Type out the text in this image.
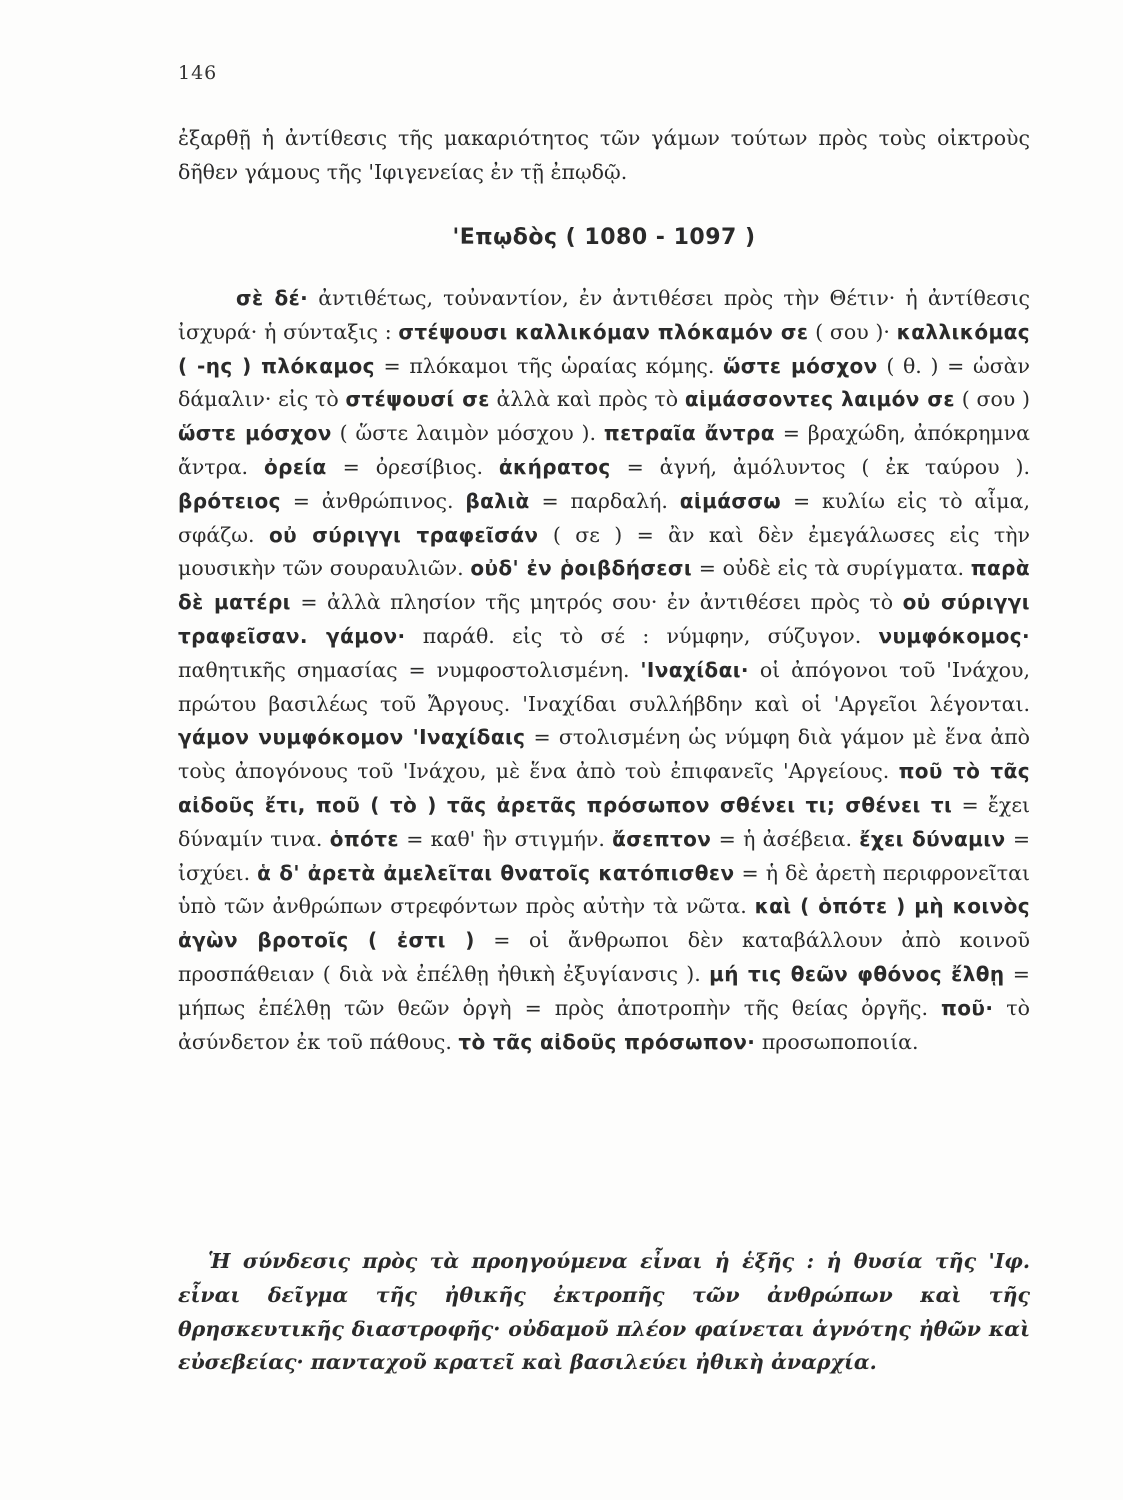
146
ἐξαρθῇ ἡ ἀντίθεσις τῆς μακαριότητος τῶν γάμων τούτων πρὸς τοὺς οἰκτροὺς δῆθεν γάμους τῆς 'Ιφιγενείας ἐν τῇ ἐπῳδῷ.
'Επῳδὸς ( 1080 - 1097 )
σὲ δέ· ἀντιθέτως, τοὐναντίον, ἐν ἀντιθέσει πρὸς τὴν Θέτιν· ἡ ἀντίθεσις ἰσχυρά· ἡ σύνταξις : στέψουσι καλλικόμαν πλόκαμόν σε ( σου )· καλλικόμας ( -ης ) πλόκαμος = πλόκαμοι τῆς ὡραίας κόμης. ὥστε μόσχον ( θ. ) = ὡσὰν δάμαλιν· εἰς τὸ στέψουσί σε ἀλλὰ καὶ πρὸς τὸ αἱμάσσοντες λαιμόν σε ( σου ) ὥστε μόσχον ( ὥστε λαιμὸν μόσχου ). πετραῖα ἄντρα = βραχώδη, ἀπόκρημνα ἄντρα. ὀρεία = ὀρεσίβιος. ἀκήρατος = ἁγνή, ἀμόλυντος ( ἐκ ταύρου ). βρότειος = ἀνθρώπινος. βαλιὰ = παρδαλή. αἱμάσσω = κυλίω εἰς τὸ αἷμα, σφάζω. οὐ σύριγγι τραφεῖσάν ( σε ) = ἂν καὶ δὲν ἐμεγάλωσες εἰς τὴν μουσικὴν τῶν σουραυλιῶν. οὐδ' ἐν ῥοιβδήσεσι = οὐδὲ εἰς τὰ συρίγματα. παρὰ δὲ ματέρι = ἀλλὰ πλησίον τῆς μητρός σου· ἐν ἀντιθέσει πρὸς τὸ οὐ σύριγγι τραφεῖσαν. γάμον· παράθ. εἰς τὸ σέ : νύμφην, σύζυγον. νυμφόκομος· παθητικῆς σημασίας = νυμφοστολισμένη. 'Ιναχίδαι· οἱ ἀπόγονοι τοῦ 'Ινάχου, πρώτου βασιλέως τοῦ Ἄργους. 'Ιναχίδαι συλλήβδην καὶ οἱ 'Αργεῖοι λέγονται. γάμον νυμφόκομον 'Ιναχίδαις = στολισμένη ὡς νύμφη διὰ γάμον μὲ ἕνα ἀπὸ τοὺς ἀπογόνους τοῦ 'Ινάχου, μὲ ἕνα ἀπὸ τοὺ ἐπιφανεῖς 'Αργείους. ποῦ τὸ τᾶς αἰδοῦς ἔτι, ποῦ ( τὸ ) τᾶς ἀρετᾶς πρόσωπον σθένει τι; σθένει τι = ἔχει δύναμίν τινα. ὁπότε = καθ' ἣν στιγμήν. ἄσεπτον = ἡ ἀσέβεια. ἔχει δύναμιν = ἰσχύει. ἁ δ' ἀρετὰ ἀμελεῖται θνατοῖς κατόπισθεν = ἡ δὲ ἀρετὴ περιφρονεῖται ὑπὸ τῶν ἀνθρώπων στρεφόντων πρὸς αὐτὴν τὰ νῶτα. καὶ ( ὁπότε ) μὴ κοινὸς ἀγὼν βροτοῖς ( ἐστι ) = οἱ ἄνθρωποι δὲν καταβάλλουν ἀπὸ κοινοῦ προσπάθειαν ( διὰ νὰ ἐπέλθῃ ἠθικὴ ἐξυγίανσις ). μή τις θεῶν φθόνος ἔλθῃ = μήπως ἐπέλθῃ τῶν θεῶν ὀργὴ = πρὸς ἀποτροπὴν τῆς θείας ὀργῆς. ποῦ· τὸ ἀσύνδετον ἐκ τοῦ πάθους. τὸ τᾶς αἰδοῦς πρόσωπον· προσωποποιία.
Ἡ σύνδεσις πρὸς τὰ προηγούμενα εἶναι ἡ ἑξῆς : ἡ θυσία τῆς 'Ιφ. εἶναι δεῖγμα τῆς ἠθικῆς ἐκτροπῆς τῶν ἀνθρώπων καὶ τῆς θρησκευτικῆς διαστροφῆς· οὐδαμοῦ πλέον φαίνεται ἁγνότης ἠθῶν καὶ εὐσεβείας· πανταχοῦ κρατεῖ καὶ βασιλεύει ἠθικὴ ἀναρχία.
